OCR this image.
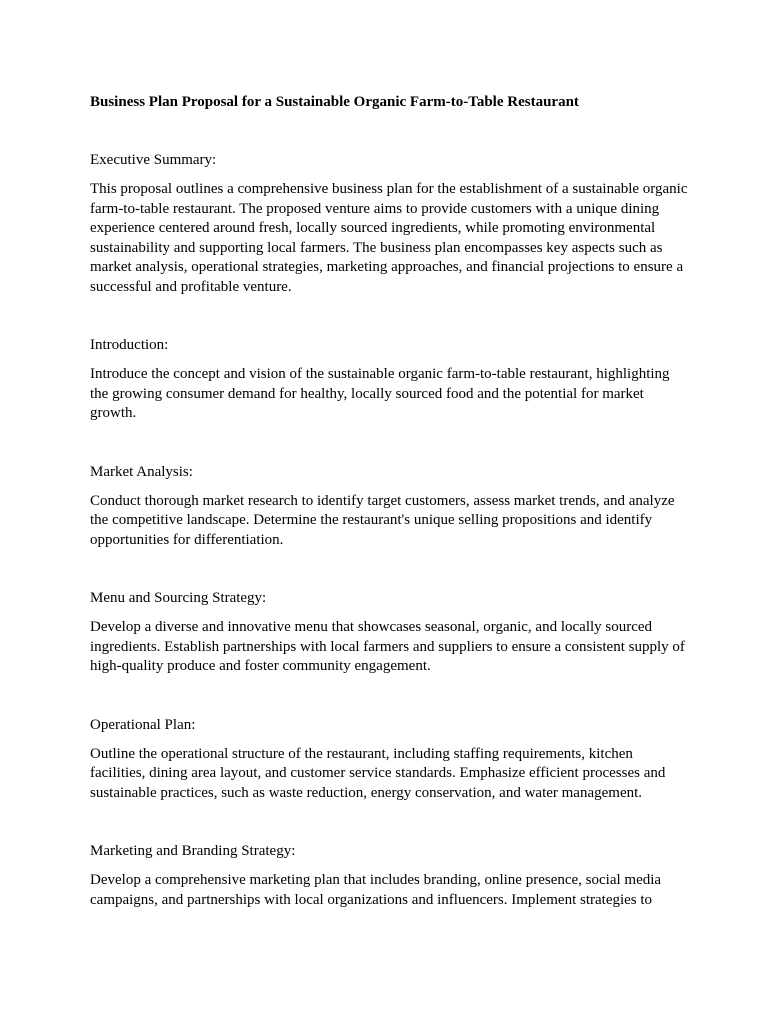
Business Plan Proposal for a Sustainable Organic Farm-to-Table Restaurant

Executive Summary:

This proposal outlines a comprehensive business plan for the establishment of a sustainable organic farm-to-table restaurant. The proposed venture aims to provide customers with a unique dining experience centered around fresh, locally sourced ingredients, while promoting environmental sustainability and supporting local farmers. The business plan encompasses key aspects such as market analysis, operational strategies, marketing approaches, and financial projections to ensure a successful and profitable venture.

Introduction:

Introduce the concept and vision of the sustainable organic farm-to-table restaurant, highlighting the growing consumer demand for healthy, locally sourced food and the potential for market growth.

Market Analysis:

Conduct thorough market research to identify target customers, assess market trends, and analyze the competitive landscape. Determine the restaurant's unique selling propositions and identify opportunities for differentiation.

Menu and Sourcing Strategy:

Develop a diverse and innovative menu that showcases seasonal, organic, and locally sourced ingredients. Establish partnerships with local farmers and suppliers to ensure a consistent supply of high-quality produce and foster community engagement.

Operational Plan:

Outline the operational structure of the restaurant, including staffing requirements, kitchen facilities, dining area layout, and customer service standards. Emphasize efficient processes and sustainable practices, such as waste reduction, energy conservation, and water management.

Marketing and Branding Strategy:

Develop a comprehensive marketing plan that includes branding, online presence, social media campaigns, and partnerships with local organizations and influencers. Implement strategies to
